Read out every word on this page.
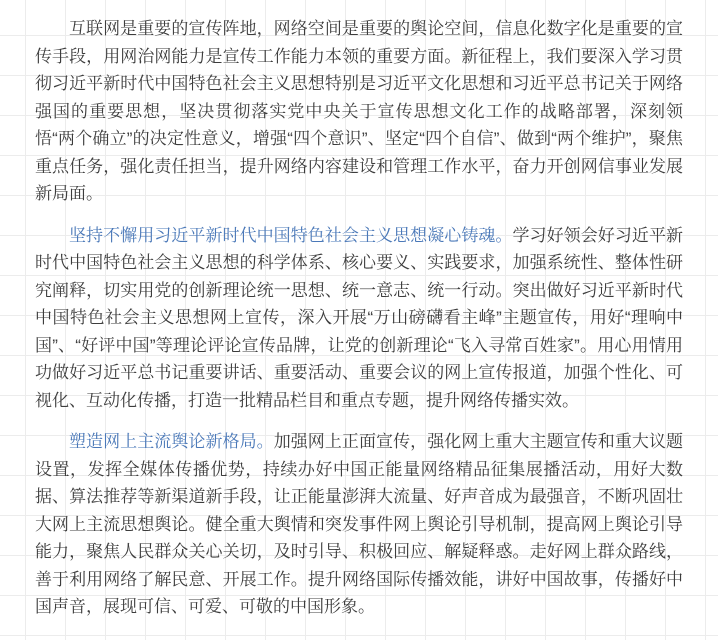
互联网是重要的宣传阵地，网络空间是重要的舆论空间，信息化数字化是重要的宣传手段，用网治网能力是宣传工作能力本领的重要方面。新征程上，我们要深入学习贯彻习近平新时代中国特色社会主义思想特别是习近平文化思想和习近平总书记关于网络强国的重要思想，坚决贯彻落实党中央关于宣传思想文化工作的战略部署，深刻领悟“两个确立”的决定性意义，增强“四个意识”、坚定“四个自信”、做到“两个维护”，聚焦重点任务，强化责任担当，提升网络内容建设和管理工作水平，奋力开创网信事业发展新局面。

坚持不懈用习近平新时代中国特色社会主义思想凝心铸魂。学习好领会好习近平新时代中国特色社会主义思想的科学体系、核心要义、实践要求，加强系统性、整体性研究阐释，切实用党的创新理论统一思想、统一意志、统一行动。突出做好习近平新时代中国特色社会主义思想网上宣传，深入开展“万山磅礴看主峰”主题宣传，用好“理响中国”、“好评中国”等理论评论宣传品牌，让党的创新理论“飞入寻常百姓家”。用心用情用功做好习近平总书记重要讲话、重要活动、重要会议的网上宣传报道，加强个性化、可视化、互动化传播，打造一批精品栏目和重点专题，提升网络传播实效。

塑造网上主流舆论新格局。加强网上正面宣传，强化网上重大主题宣传和重大议题设置，发挥全媒体传播优势，持续办好中国正能量网络精品征集展播活动，用好大数据、算法推荐等新渠道新手段，让正能量澎湃大流量、好声音成为最强音，不断巩固壮大网上主流思想舆论。健全重大舆情和突发事件网上舆论引导机制，提高网上舆论引导能力，聚焦人民群众关心关切，及时引导、积极回应、解疑释惑。走好网上群众路线，善于利用网络了解民意、开展工作。提升网络国际传播效能，讲好中国故事，传播好中国声音，展现可信、可爱、可敬的中国形象。
